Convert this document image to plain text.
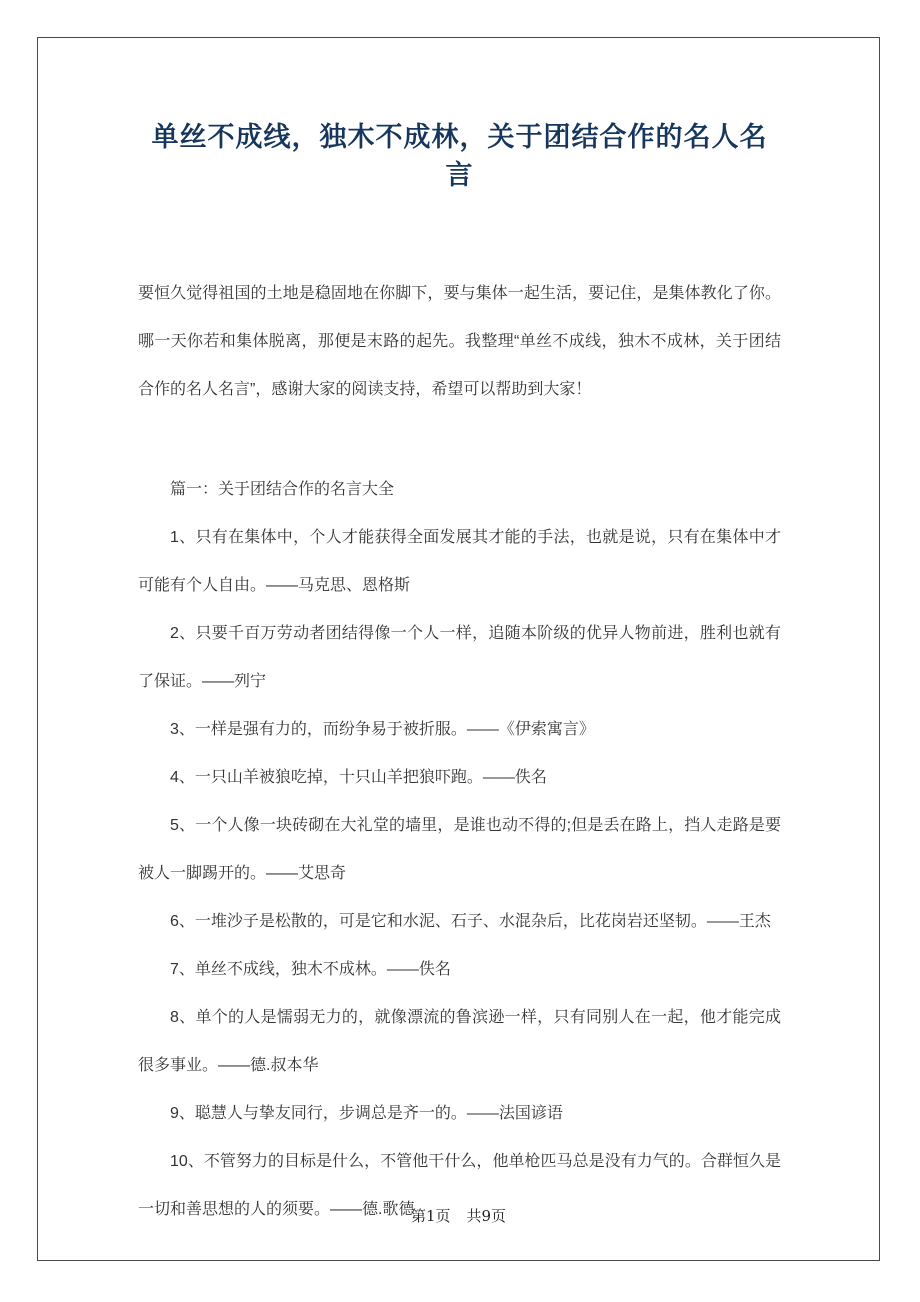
单丝不成线，独木不成林，关于团结合作的名人名言

要恒久觉得祖国的土地是稳固地在你脚下，要与集体一起生活，要记住，是集体教化了你。哪一天你若和集体脱离，那便是末路的起先。我整理“单丝不成线，独木不成林，关于团结合作的名人名言”，感谢大家的阅读支持，希望可以帮助到大家！

篇一：关于团结合作的名言大全

1、只有在集体中，个人才能获得全面发展其才能的手法，也就是说，只有在集体中才可能有个人自由。——马克思、恩格斯

2、只要千百万劳动者团结得像一个人一样，追随本阶级的优异人物前进，胜利也就有了保证。——列宁

3、一样是强有力的，而纷争易于被折服。——《伊索寓言》

4、一只山羊被狼吃掉，十只山羊把狼吓跑。——佚名

5、一个人像一块砖砌在大礼堂的墙里，是谁也动不得的;但是丢在路上，挡人走路是要被人一脚踢开的。——艾思奇

6、一堆沙子是松散的，可是它和水泥、石子、水混杂后，比花岗岩还坚韧。——王杰

7、单丝不成线，独木不成林。——佚名

8、单个的人是懦弱无力的，就像漂流的鲁滨逊一样，只有同别人在一起，他才能完成很多事业。——德.叔本华

9、聪慧人与挚友同行，步调总是齐一的。——法国谚语

10、不管努力的目标是什么，不管他干什么，他单枪匹马总是没有力气的。合群恒久是一切和善思想的人的须要。——德.歌德

第1页 共9页
